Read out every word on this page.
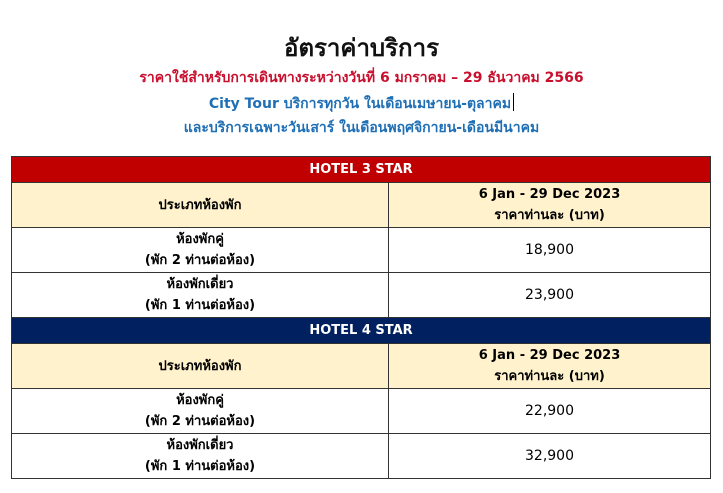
อัตราค่าบริการ
ราคาใช้สำหรับการเดินทางระหว่างวันที่ 6 มกราคม – 29 ธันวาคม 2566
City Tour บริการทุกวัน ในเดือนเมษายน-ตุลาคม
และบริการเฉพาะวันเสาร์ ในเดือนพฤศจิกายน-เดือนมีนาคม
HOTEL 3 STAR	
ประเภทห้องพัก	6 Jan - 29 Dec 2023
ราคาท่านละ (บาท)

ห้องพักคู่
(พัก 2 ท่านต่อห้อง)	18,900

ห้องพักเดี่ยว
(พัก 1 ท่านต่อห้อง)	23,900
HOTEL 4 STAR	
ประเภทห้องพัก	6 Jan - 29 Dec 2023
ราคาท่านละ (บาท)

ห้องพักคู่
(พัก 2 ท่านต่อห้อง)	22,900

ห้องพักเดี่ยว
(พัก 1 ท่านต่อห้อง)	32,900
